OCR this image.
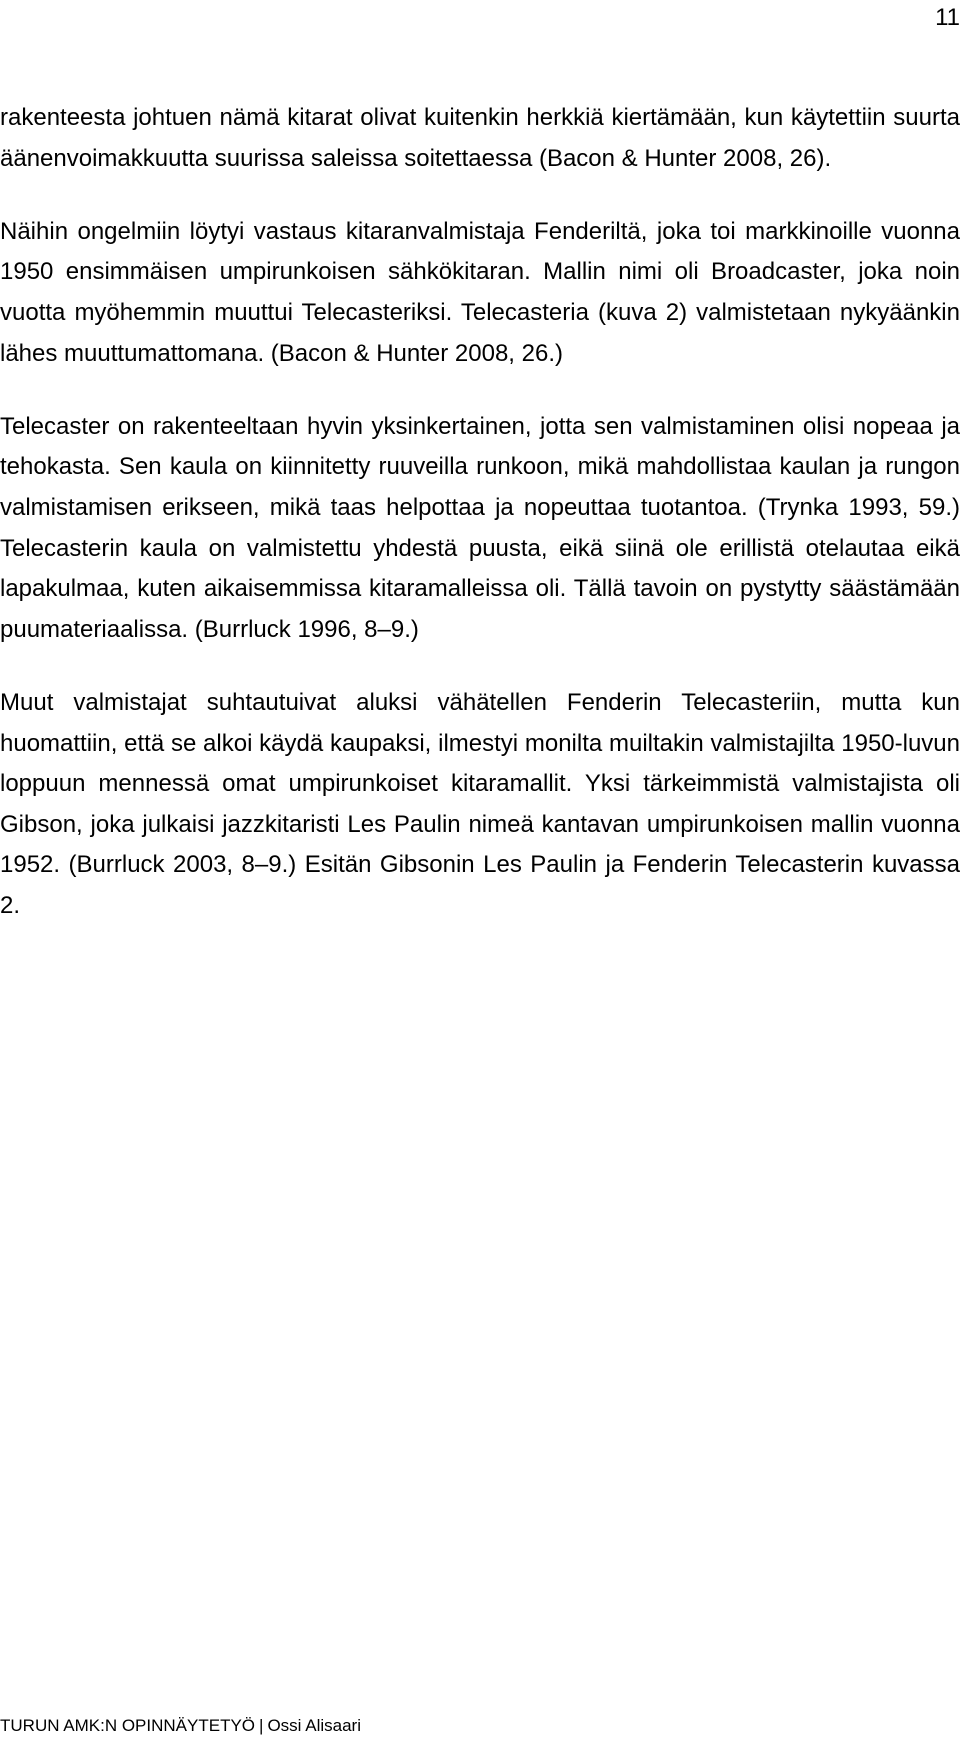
11

rakenteesta johtuen nämä kitarat olivat kuitenkin herkkiä kiertämään, kun käytettiin suurta äänenvoimakkuutta suurissa saleissa soitettaessa (Bacon & Hunter 2008, 26).

Näihin ongelmiin löytyi vastaus kitaranvalmistaja Fenderiltä, joka toi markkinoille vuonna 1950 ensimmäisen umpirunkoisen sähkökitaran. Mallin nimi oli Broadcaster, joka noin vuotta myöhemmin muuttui Telecasteriksi. Telecasteria (kuva 2) valmistetaan nykyäänkin lähes muuttumattomana. (Bacon & Hunter 2008, 26.)

Telecaster on rakenteeltaan hyvin yksinkertainen, jotta sen valmistaminen olisi nopeaa ja tehokasta. Sen kaula on kiinnitetty ruuveilla runkoon, mikä mahdollistaa kaulan ja rungon valmistamisen erikseen, mikä taas helpottaa ja nopeuttaa tuotantoa. (Trynka 1993, 59.) Telecasterin kaula on valmistettu yhdestä puusta, eikä siinä ole erillistä otelautaa eikä lapakulmaa, kuten aikaisemmissa kitaramalleissa oli. Tällä tavoin on pystytty säästämään puumateriaalissa. (Burrluck 1996, 8–9.)

Muut valmistajat suhtautuivat aluksi vähätellen Fenderin Telecasteriin, mutta kun huomattiin, että se alkoi käydä kaupaksi, ilmestyi monilta muiltakin valmistajilta 1950-luvun loppuun mennessä omat umpirunkoiset kitaramallit. Yksi tärkeimmistä valmistajista oli Gibson, joka julkaisi jazzkitaristi Les Paulin nimeä kantavan umpirunkoisen mallin vuonna 1952. (Burrluck 2003, 8–9.) Esitän Gibsonin Les Paulin ja Fenderin Telecasterin kuvassa 2.

TURUN AMK:N OPINNÄYTETYÖ | Ossi Alisaari
